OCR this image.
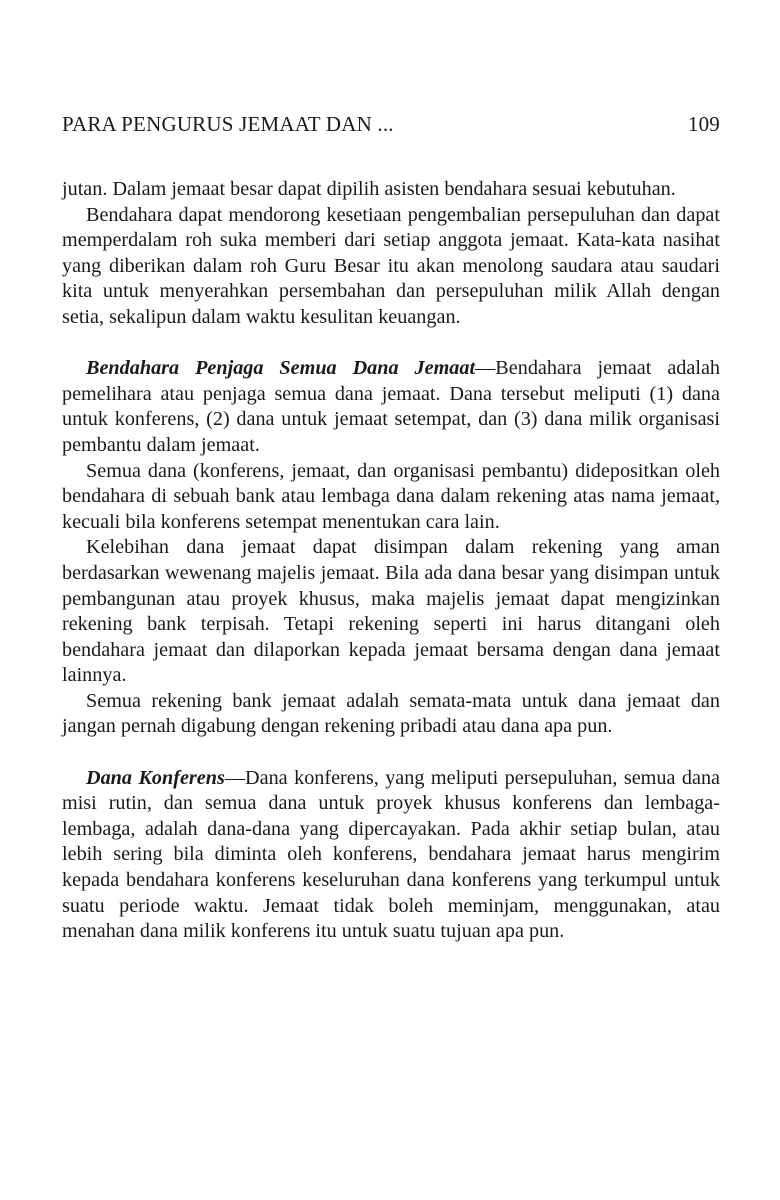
PARA PENGURUS JEMAAT DAN ...	109

jutan. Dalam jemaat besar dapat dipilih asisten bendahara sesuai kebutuhan.

Bendahara dapat mendorong kesetiaan pengembalian persepuluhan dan dapat memperdalam roh suka memberi dari setiap anggota jemaat. Kata-kata nasihat yang diberikan dalam roh Guru Besar itu akan menolong saudara atau saudari kita untuk menyerahkan persembahan dan persepuluhan milik Allah dengan setia, sekalipun dalam waktu kesulitan keuangan.

Bendahara Penjaga Semua Dana Jemaat—Bendahara jemaat adalah pemelihara atau penjaga semua dana jemaat. Dana tersebut meliputi (1) dana untuk konferens, (2) dana untuk jemaat setempat, dan (3) dana milik organisasi pembantu dalam jemaat.

Semua dana (konferens, jemaat, dan organisasi pembantu) didepositkan oleh bendahara di sebuah bank atau lembaga dana dalam rekening atas nama jemaat, kecuali bila konferens setempat menentukan cara lain.

Kelebihan dana jemaat dapat disimpan dalam rekening yang aman berdasarkan wewenang majelis jemaat. Bila ada dana besar yang disimpan untuk pembangunan atau proyek khusus, maka majelis jemaat dapat mengizinkan rekening bank terpisah. Tetapi rekening seperti ini harus ditangani oleh bendahara jemaat dan dilaporkan kepada jemaat bersama dengan dana jemaat lainnya.

Semua rekening bank jemaat adalah semata-mata untuk dana jemaat dan jangan pernah digabung dengan rekening pribadi atau dana apa pun.

Dana Konferens—Dana konferens, yang meliputi persepuluhan, semua dana misi rutin, dan semua dana untuk proyek khusus konferens dan lembaga-lembaga, adalah dana-dana yang dipercayakan. Pada akhir setiap bulan, atau lebih sering bila diminta oleh konferens, bendahara jemaat harus mengirim kepada bendahara konferens keseluruhan dana konferens yang terkumpul untuk suatu periode waktu. Jemaat tidak boleh meminjam, menggunakan, atau menahan dana milik konferens itu untuk suatu tujuan apa pun.
